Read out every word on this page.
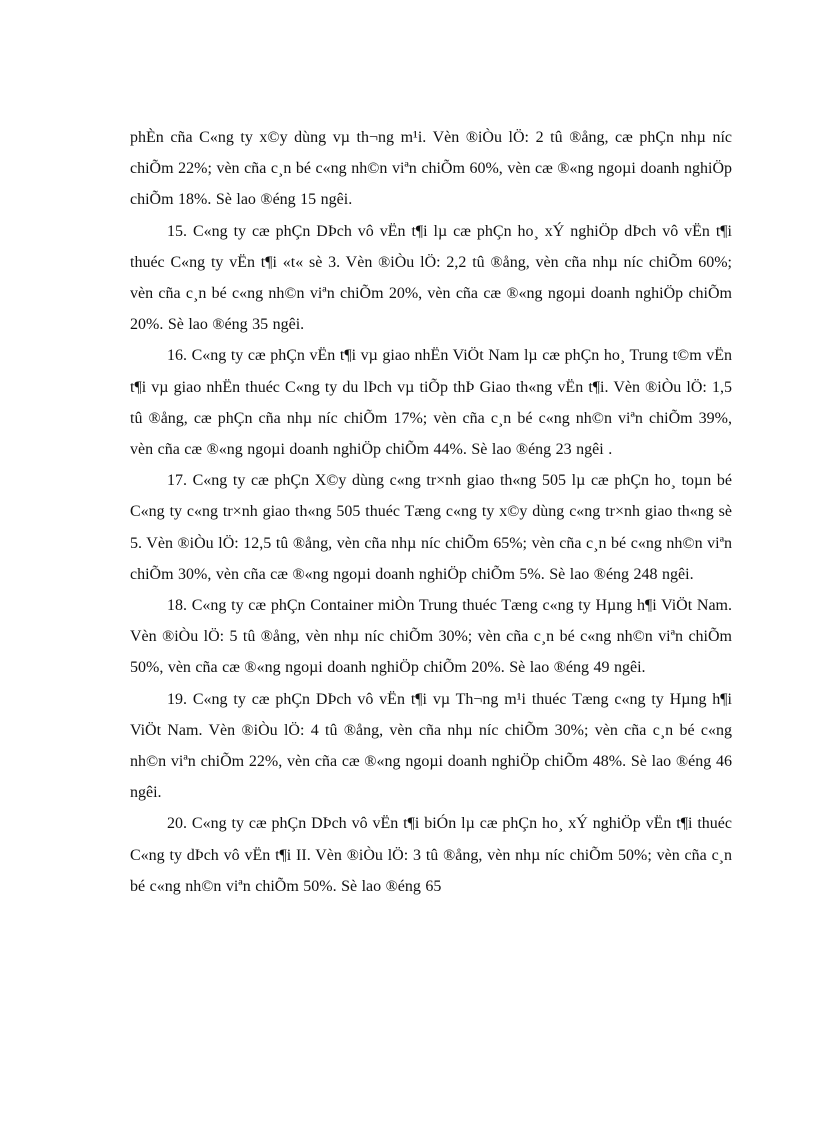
phÈn cña C«ng ty x©y dùng vµ th¬ng m¹i. Vèn ®iÒu lÖ: 2 tû ®ång, cæ phÇn nhµ níc chiÕm 22%; vèn cña c¸n bé c«ng nh©n viªn chiÕm 60%, vèn cæ ®«ng ngoµi doanh nghiÖp chiÕm 18%. Sè lao ®éng 15 ngêi.

15. C«ng ty cæ phÇn DÞch vô vËn t¶i lµ cæ phÇn ho¸ xÝ nghiÖp dÞch vô vËn t¶i thuéc C«ng ty vËn t¶i «t« sè 3. Vèn ®iÒu lÖ: 2,2 tû ®ång, vèn cña nhµ níc chiÕm 60%; vèn cña c¸n bé c«ng nh©n viªn chiÕm 20%, vèn cña cæ ®«ng ngoµi doanh nghiÖp chiÕm 20%. Sè lao ®éng 35 ngêi.

16. C«ng ty cæ phÇn vËn t¶i vµ giao nhËn ViÖt Nam lµ cæ phÇn ho¸ Trung t©m vËn t¶i vµ giao nhËn thuéc C«ng ty du lÞch vµ tiÕp thÞ Giao th«ng vËn t¶i. Vèn ®iÒu lÖ: 1,5 tû ®ång, cæ phÇn cña nhµ níc chiÕm 17%; vèn cña c¸n bé c«ng nh©n viªn chiÕm 39%, vèn cña cæ ®«ng ngoµi doanh nghiÖp chiÕm 44%. Sè lao ®éng 23 ngêi .

17. C«ng ty cæ phÇn X©y dùng c«ng tr×nh giao th«ng 505 lµ cæ phÇn ho¸ toµn bé C«ng ty c«ng tr×nh giao th«ng 505 thuéc Tæng c«ng ty x©y dùng c«ng tr×nh giao th«ng sè 5. Vèn ®iÒu lÖ: 12,5 tû ®ång, vèn cña nhµ níc chiÕm 65%; vèn cña c¸n bé c«ng nh©n viªn chiÕm 30%, vèn cña cæ ®«ng ngoµi doanh nghiÖp chiÕm 5%. Sè lao ®éng 248 ngêi.

18. C«ng ty cæ phÇn Container miÒn Trung thuéc Tæng c«ng ty Hµng h¶i ViÖt Nam. Vèn ®iÒu lÖ: 5 tû ®ång, vèn nhµ níc chiÕm 30%; vèn cña c¸n bé c«ng nh©n viªn chiÕm 50%, vèn cña cæ ®«ng ngoµi doanh nghiÖp chiÕm 20%. Sè lao ®éng 49 ngêi.

19. C«ng ty cæ phÇn DÞch vô vËn t¶i vµ Th¬ng m¹i thuéc Tæng c«ng ty Hµng h¶i ViÖt Nam. Vèn ®iÒu lÖ: 4 tû ®ång, vèn cña nhµ níc chiÕm 30%; vèn cña c¸n bé c«ng nh©n viªn chiÕm 22%, vèn cña cæ ®«ng ngoµi doanh nghiÖp chiÕm 48%. Sè lao ®éng 46 ngêi.

20. C«ng ty cæ phÇn DÞch vô vËn t¶i biÓn lµ cæ phÇn ho¸ xÝ nghiÖp vËn t¶i thuéc C«ng ty dÞch vô vËn t¶i II. Vèn ®iÒu lÖ: 3 tû ®ång, vèn nhµ níc chiÕm 50%; vèn cña c¸n bé c«ng nh©n viªn chiÕm 50%. Sè lao ®éng 65
